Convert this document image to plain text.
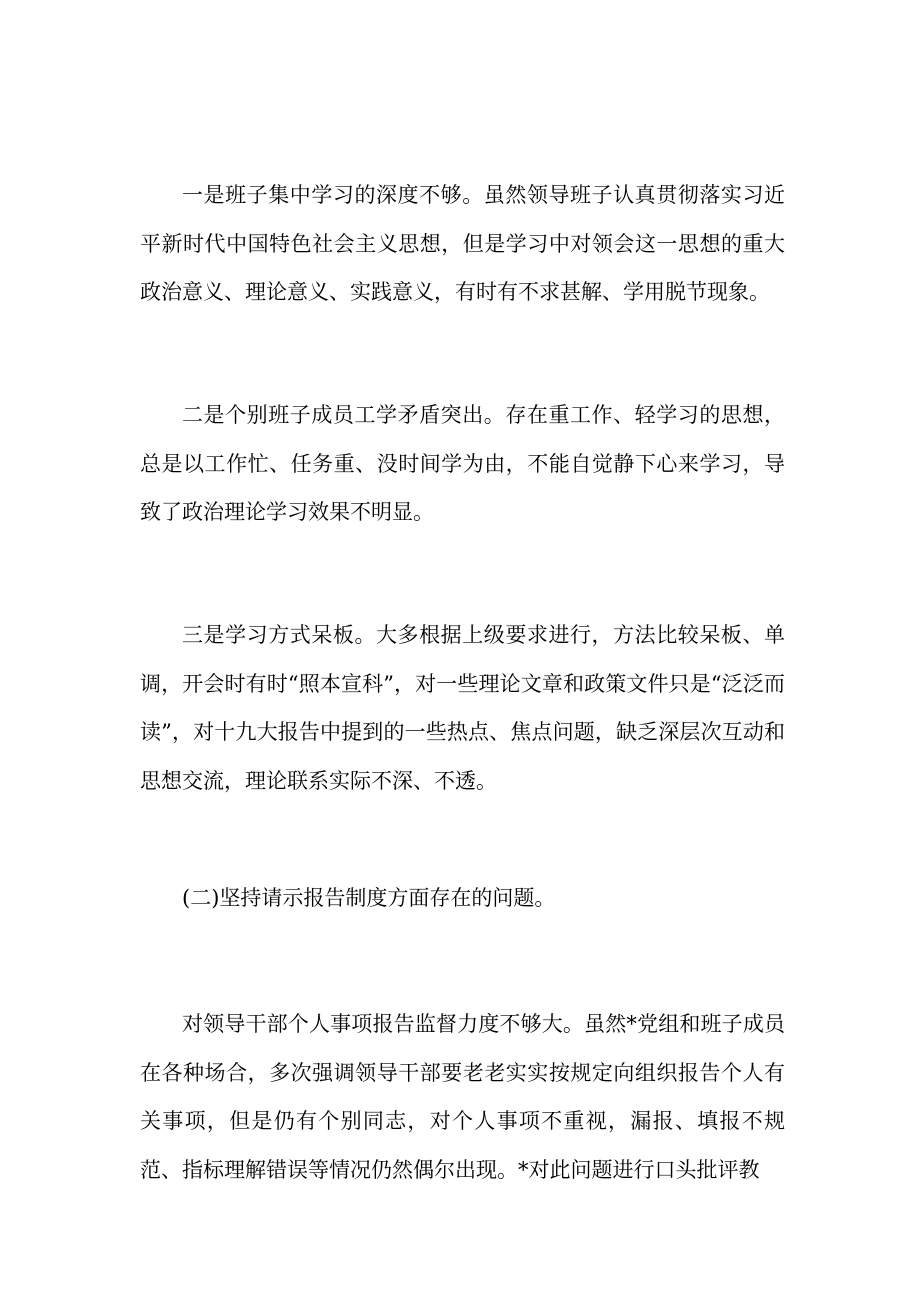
一是班子集中学习的深度不够。虽然领导班子认真贯彻落实习近平新时代中国特色社会主义思想，但是学习中对领会这一思想的重大政治意义、理论意义、实践意义，有时有不求甚解、学用脱节现象。

二是个别班子成员工学矛盾突出。存在重工作、轻学习的思想，总是以工作忙、任务重、没时间学为由，不能自觉静下心来学习，导致了政治理论学习效果不明显。

三是学习方式呆板。大多根据上级要求进行，方法比较呆板、单调，开会时有时“照本宣科”，对一些理论文章和政策文件只是“泛泛而读”，对十九大报告中提到的一些热点、焦点问题，缺乏深层次互动和思想交流，理论联系实际不深、不透。

(二)坚持请示报告制度方面存在的问题。

对领导干部个人事项报告监督力度不够大。虽然*党组和班子成员在各种场合，多次强调领导干部要老老实实按规定向组织报告个人有关事项，但是仍有个别同志，对个人事项不重视，漏报、填报不规范、指标理解错误等情况仍然偶尔出现。*对此问题进行口头批评教
